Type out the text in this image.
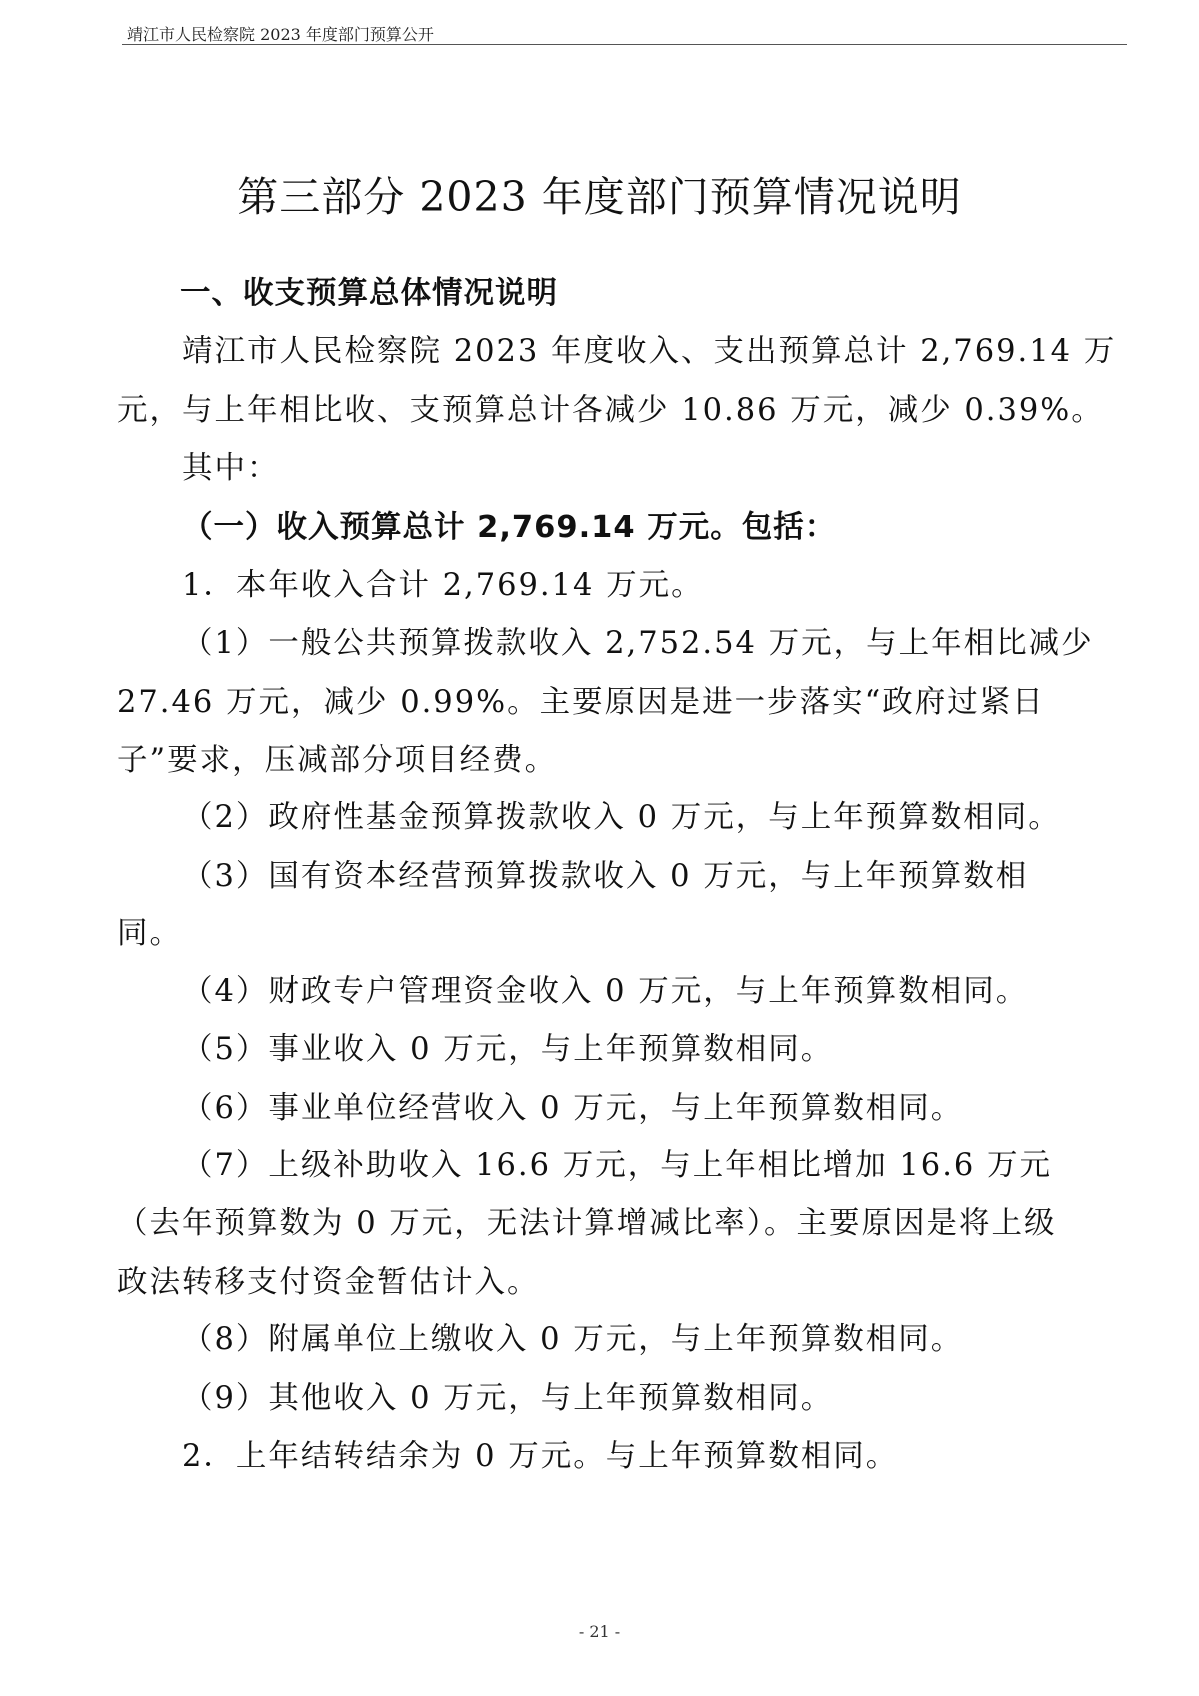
靖江市人民检察院 2023 年度部门预算公开
第三部分 2023 年度部门预算情况说明
一、收支预算总体情况说明
靖江市人民检察院 2023 年度收入、支出预算总计 2,769.14 万
元，与上年相比收、支预算总计各减少 10.86 万元，减少 0.39%。
其中：
（一）收入预算总计 2,769.14 万元。包括：
1．本年收入合计 2,769.14 万元。
（1）一般公共预算拨款收入 2,752.54 万元，与上年相比减少
27.46 万元，减少 0.99%。主要原因是进一步落实“政府过紧日
子”要求，压减部分项目经费。
（2）政府性基金预算拨款收入 0 万元，与上年预算数相同。
（3）国有资本经营预算拨款收入 0 万元，与上年预算数相
同。
（4）财政专户管理资金收入 0 万元，与上年预算数相同。
（5）事业收入 0 万元，与上年预算数相同。
（6）事业单位经营收入 0 万元，与上年预算数相同。
（7）上级补助收入 16.6 万元，与上年相比增加 16.6 万元
（去年预算数为 0 万元，无法计算增减比率）。主要原因是将上级
政法转移支付资金暂估计入。
（8）附属单位上缴收入 0 万元，与上年预算数相同。
（9）其他收入 0 万元，与上年预算数相同。
2．上年结转结余为 0 万元。与上年预算数相同。
- 21 -
